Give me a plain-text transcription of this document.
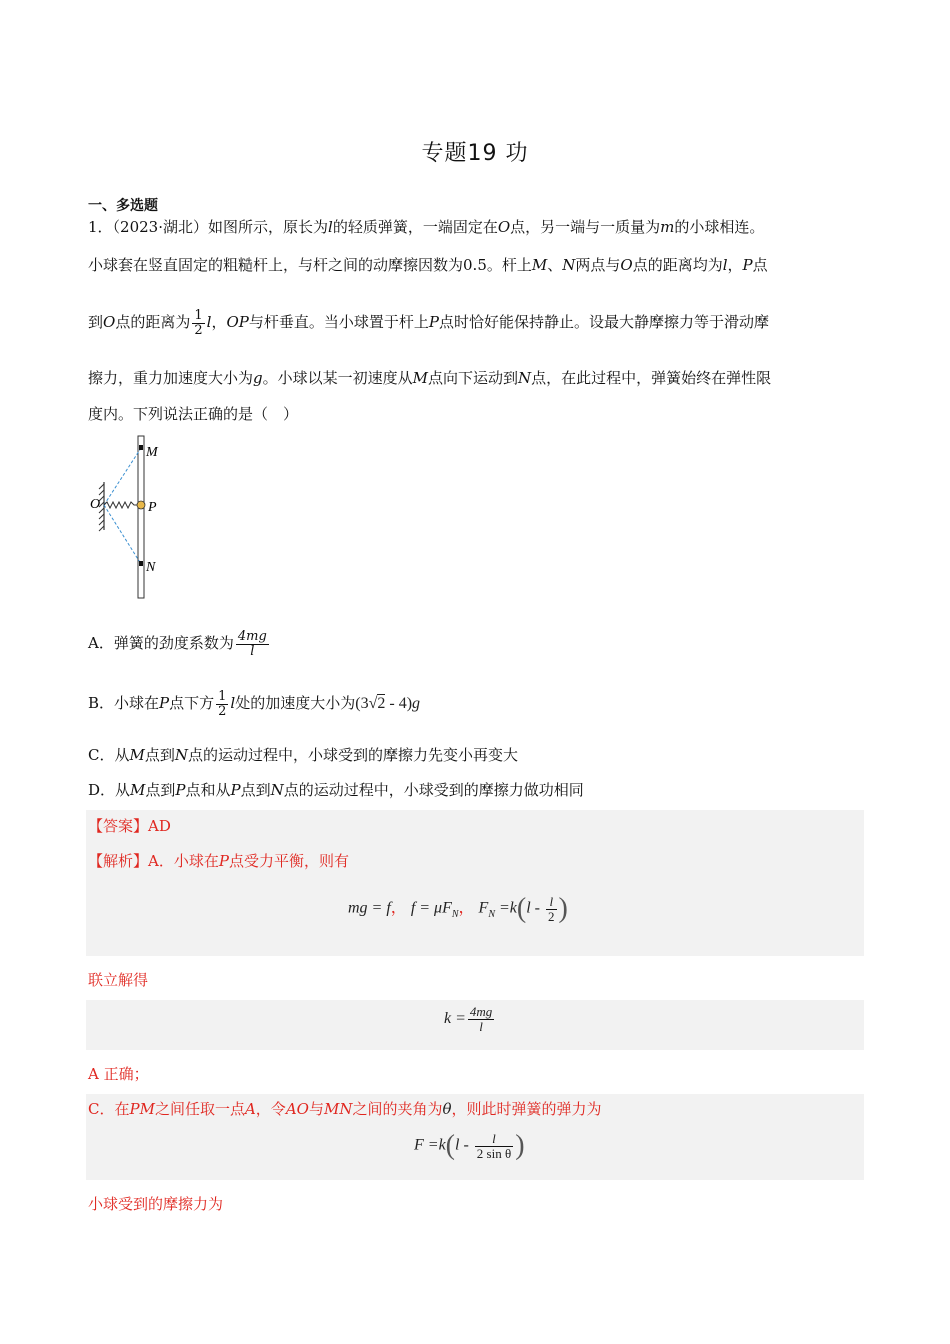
专题19 功
一、多选题
1．（2023·湖北）如图所示，原长为l的轻质弹簧，一端固定在O点，另一端与一质量为m的小球相连。
小球套在竖直固定的粗糙杆上，与杆之间的动摩擦因数为0.5。杆上M、N两点与O点的距离均为l，P点
到O点的距离为 $\frac{1}{2}$ l，OP与杆垂直。当小球置于杆上P点时恰好能保持静止。设最大静摩擦力等于滑动摩
擦力，重力加速度大小为g。小球以某一初速度从M点向下运动到N点，在此过程中，弹簧始终在弹性限
度内。下列说法正确的是（　）
M
O	P
N
A．弹簧的劲度系数为 $\frac{4mg}{l}$
B．小球在P点下方 $\frac{1}{2}$ l处的加速度大小为(3√2 - 4)g
C．从M点到N点的运动过程中，小球受到的摩擦力先变小再变大
D．从M点到P点和从P点到N点的运动过程中，小球受到的摩擦力做功相同
【答案】AD
【解析】A．小球在P点受力平衡，则有
mg = f， $f = \mu F_N$， $F_N =k(l - \frac{l}{2}$ )
联立解得
$k = \frac{4mg}{l}$
A 正确；
C．在PM之间任取一点A，令AO与MN之间的夹角为θ，则此时弹簧的弹力为
$F =k(l - \frac{l}{\text{2 sin θ}}$ )
小球受到的摩擦力为
